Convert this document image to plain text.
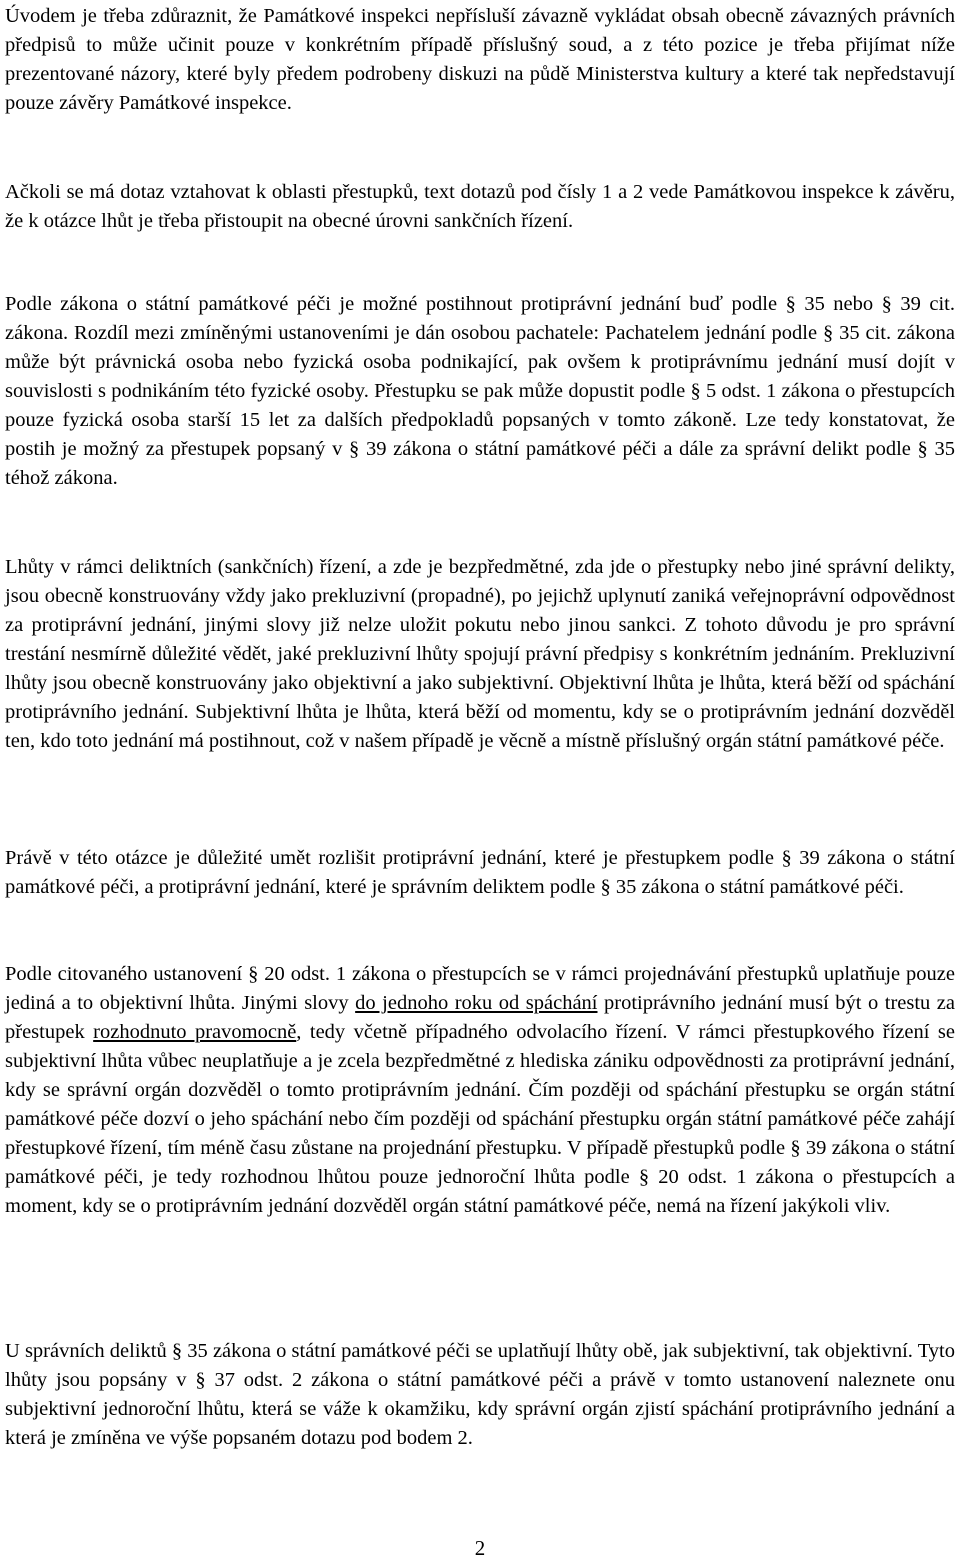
Úvodem je třeba zdůraznit, že Památkové inspekci nepřísluší závazně vykládat obsah obecně závazných právních předpisů to může učinit pouze v konkrétním případě příslušný soud, a z této pozice je třeba přijímat níže prezentované názory, které byly předem podrobeny diskuzi na půdě Ministerstva kultury a které tak nepředstavují pouze závěry Památkové inspekce.

Ačkoli se má dotaz vztahovat k oblasti přestupků, text dotazů pod čísly 1 a 2 vede Památkovou inspekce k závěru, že k otázce lhůt je třeba přistoupit na obecné úrovni sankčních řízení.

Podle zákona o státní památkové péči je možné postihnout protiprávní jednání buď podle § 35 nebo § 39 cit. zákona. Rozdíl mezi zmíněnými ustanoveními je dán osobou pachatele: Pachatelem jednání podle § 35 cit. zákona může být právnická osoba nebo fyzická osoba podnikající, pak ovšem k protiprávnímu jednání musí dojít v souvislosti s podnikáním této fyzické osoby. Přestupku se pak může dopustit podle § 5 odst. 1 zákona o přestupcích pouze fyzická osoba starší 15 let za dalších předpokladů popsaných v tomto zákoně. Lze tedy konstatovat, že postih je možný za přestupek popsaný v § 39 zákona o státní památkové péči a dále za správní delikt podle § 35 téhož zákona.

Lhůty v rámci deliktních (sankčních) řízení, a zde je bezpředmětné, zda jde o přestupky nebo jiné správní delikty, jsou obecně konstruovány vždy jako prekluzivní (propadné), po jejichž uplynutí zaniká veřejnoprávní odpovědnost za protiprávní jednání, jinými slovy již nelze uložit pokutu nebo jinou sankci. Z tohoto důvodu je pro správní trestání nesmírně důležité vědět, jaké prekluzivní lhůty spojují právní předpisy s konkrétním jednáním. Prekluzivní lhůty jsou obecně konstruovány jako objektivní a jako subjektivní. Objektivní lhůta je lhůta, která běží od spáchání protiprávního jednání. Subjektivní lhůta je lhůta, která běží od momentu, kdy se o protiprávním jednání dozvěděl ten, kdo toto jednání má postihnout, což v našem případě je věcně a místně příslušný orgán státní památkové péče.

Právě v této otázce je důležité umět rozlišit protiprávní jednání, které je přestupkem podle § 39 zákona o státní památkové péči, a protiprávní jednání, které je správním deliktem podle § 35 zákona o státní památkové péči.

Podle citovaného ustanovení § 20 odst. 1 zákona o přestupcích se v rámci projednávání přestupků uplatňuje pouze jediná a to objektivní lhůta. Jinými slovy do jednoho roku od spáchání protiprávního jednání musí být o trestu za přestupek rozhodnuto pravomocně, tedy včetně případného odvolacího řízení. V rámci přestupkového řízení se subjektivní lhůta vůbec neuplatňuje a je zcela bezpředmětné z hlediska zániku odpovědnosti za protiprávní jednání, kdy se správní orgán dozvěděl o tomto protiprávním jednání. Čím později od spáchání přestupku se orgán státní památkové péče dozví o jeho spáchání nebo čím později od spáchání přestupku orgán státní památkové péče zahájí přestupkové řízení, tím méně času zůstane na projednání přestupku. V případě přestupků podle § 39 zákona o státní památkové péči, je tedy rozhodnou lhůtou pouze jednoroční lhůta podle § 20 odst. 1 zákona o přestupcích a moment, kdy se o protiprávním jednání dozvěděl orgán státní památkové péče, nemá na řízení jakýkoli vliv.

U správních deliktů § 35 zákona o státní památkové péči se uplatňují lhůty obě, jak subjektivní, tak objektivní. Tyto lhůty jsou popsány v § 37 odst. 2 zákona o státní památkové péči a právě v tomto ustanovení naleznete onu subjektivní jednoroční lhůtu, která se váže k okamžiku, kdy správní orgán zjistí spáchání protiprávního jednání a která je zmíněna ve výše popsaném dotazu pod bodem 2.

2
